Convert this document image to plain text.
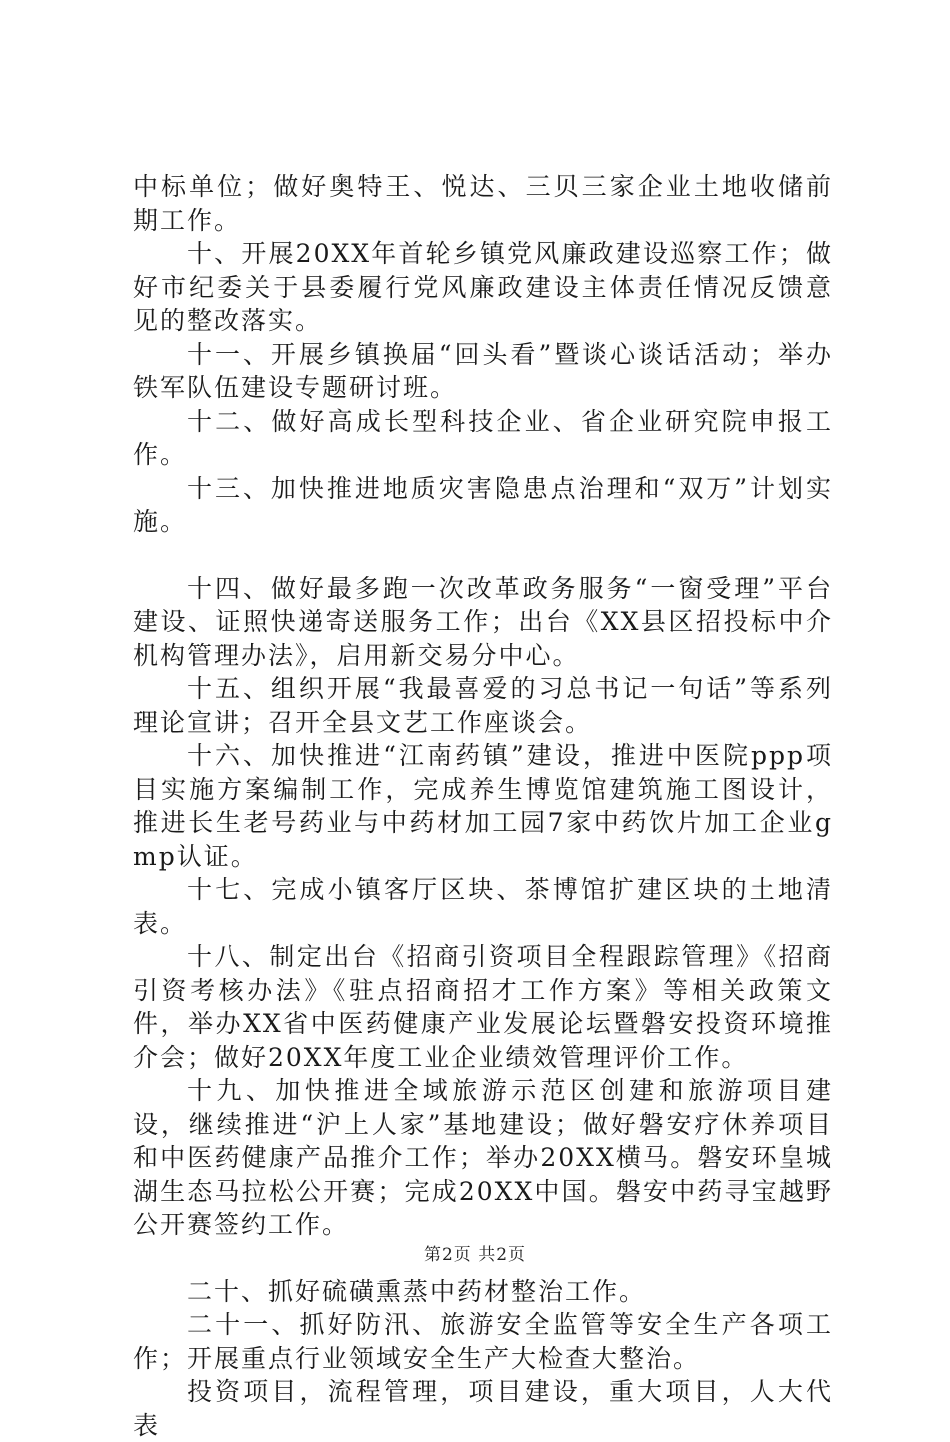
中标单位；做好奥特王、悦达、三贝三家企业土地收储前期工作。

十、开展20XX年首轮乡镇党风廉政建设巡察工作；做好市纪委关于县委履行党风廉政建设主体责任情况反馈意见的整改落实。

十一、开展乡镇换届“回头看”暨谈心谈话活动；举办铁军队伍建设专题研讨班。

十二、做好高成长型科技企业、省企业研究院申报工作。

十三、加快推进地质灾害隐患点治理和“双万”计划实施。

十四、做好最多跑一次改革政务服务“一窗受理”平台建设、证照快递寄送服务工作；出台《XX县区招投标中介机构管理办法》，启用新交易分中心。

十五、组织开展“我最喜爱的习总书记一句话”等系列理论宣讲；召开全县文艺工作座谈会。

十六、加快推进“江南药镇”建设，推进中医院ppp项目实施方案编制工作，完成养生博览馆建筑施工图设计，推进长生老号药业与中药材加工园7家中药饮片加工企业gmp认证。

十七、完成小镇客厅区块、茶博馆扩建区块的土地清表。

十八、制定出台《招商引资项目全程跟踪管理》《招商引资考核办法》《驻点招商招才工作方案》等相关政策文件，举办XX省中医药健康产业发展论坛暨磐安投资环境推介会；做好20XX年度工业企业绩效管理评价工作。

十九、加快推进全域旅游示范区创建和旅游项目建设，继续推进“沪上人家”基地建设；做好磐安疗休养项目和中医药健康产品推介工作；举办20XX横马。磐安环皇城湖生态马拉松公开赛；完成20XX中国。磐安中药寻宝越野公开赛签约工作。

二十、抓好硫磺熏蒸中药材整治工作。

二十一、抓好防汛、旅游安全监管等安全生产各项工作；开展重点行业领域安全生产大检查大整治。

投资项目，流程管理，项目建设，重大项目，人大代表

第2页 共2页
